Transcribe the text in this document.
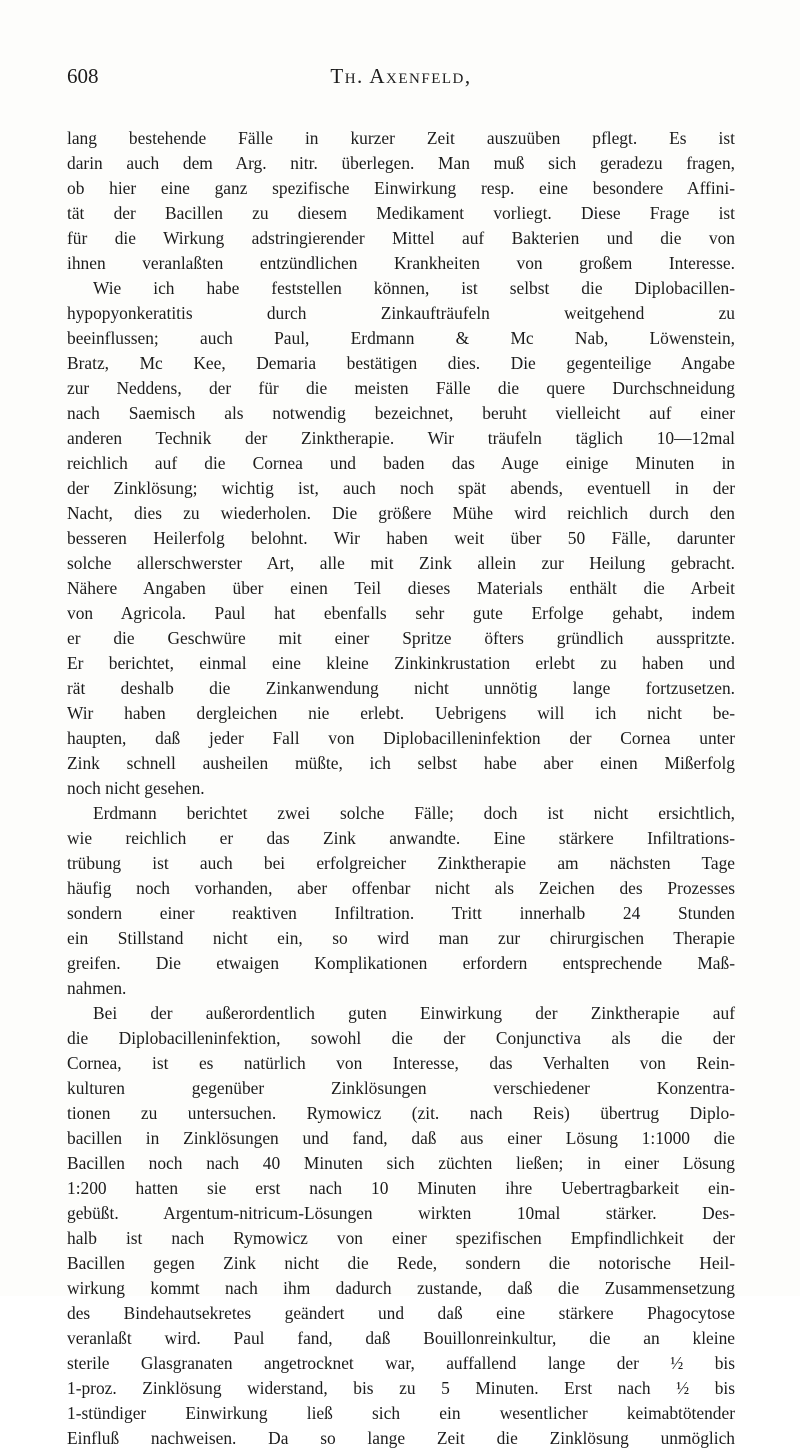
608	Th. Axenfeld,
lang bestehende Fälle in kurzer Zeit auszuüben pflegt. Es ist
darin auch dem Arg. nitr. überlegen. Man muß sich geradezu fragen,
ob hier eine ganz spezifische Einwirkung resp. eine besondere Affini-
tät der Bacillen zu diesem Medikament vorliegt. Diese Frage ist
für die Wirkung adstringierender Mittel auf Bakterien und die von
ihnen veranlaßten entzündlichen Krankheiten von großem Interesse.
Wie ich habe feststellen können, ist selbst die Diplobacillen-
hypopyonkeratitis durch Zinkaufträufeln weitgehend zu
beeinflussen; auch Paul, Erdmann & Mc Nab, Löwenstein,
Bratz, Mc Kee, Demaria bestätigen dies. Die gegenteilige Angabe
zur Neddens, der für die meisten Fälle die quere Durchschneidung
nach Saemisch als notwendig bezeichnet, beruht vielleicht auf einer
anderen Technik der Zinktherapie. Wir träufeln täglich 10—12mal
reichlich auf die Cornea und baden das Auge einige Minuten in
der Zinklösung; wichtig ist, auch noch spät abends, eventuell in der
Nacht, dies zu wiederholen. Die größere Mühe wird reichlich durch den
besseren Heilerfolg belohnt. Wir haben weit über 50 Fälle, darunter
solche allerschwerster Art, alle mit Zink allein zur Heilung gebracht.
Nähere Angaben über einen Teil dieses Materials enthält die Arbeit
von Agricola. Paul hat ebenfalls sehr gute Erfolge gehabt, indem
er die Geschwüre mit einer Spritze öfters gründlich ausspritzte.
Er berichtet, einmal eine kleine Zinkinkrustation erlebt zu haben und
rät deshalb die Zinkanwendung nicht unnötig lange fortzusetzen.
Wir haben dergleichen nie erlebt. Uebrigens will ich nicht be-
haupten, daß jeder Fall von Diplobacilleninfektion der Cornea unter
Zink schnell ausheilen müßte, ich selbst habe aber einen Mißerfolg
noch nicht gesehen.
Erdmann berichtet zwei solche Fälle; doch ist nicht ersichtlich,
wie reichlich er das Zink anwandte. Eine stärkere Infiltrations-
trübung ist auch bei erfolgreicher Zinktherapie am nächsten Tage
häufig noch vorhanden, aber offenbar nicht als Zeichen des Prozesses
sondern einer reaktiven Infiltration. Tritt innerhalb 24 Stunden
ein Stillstand nicht ein, so wird man zur chirurgischen Therapie
greifen. Die etwaigen Komplikationen erfordern entsprechende Maß-
nahmen.
Bei der außerordentlich guten Einwirkung der Zinktherapie auf
die Diplobacilleninfektion, sowohl die der Conjunctiva als die der
Cornea, ist es natürlich von Interesse, das Verhalten von Rein-
kulturen gegenüber Zinklösungen verschiedener Konzentra-
tionen zu untersuchen. Rymowicz (zit. nach Reis) übertrug Diplo-
bacillen in Zinklösungen und fand, daß aus einer Lösung 1:1000 die
Bacillen noch nach 40 Minuten sich züchten ließen; in einer Lösung
1:200 hatten sie erst nach 10 Minuten ihre Uebertragbarkeit ein-
gebüßt. Argentum-nitricum-Lösungen wirkten 10mal stärker. Des-
halb ist nach Rymowicz von einer spezifischen Empfindlichkeit der
Bacillen gegen Zink nicht die Rede, sondern die notorische Heil-
wirkung kommt nach ihm dadurch zustande, daß die Zusammensetzung
des Bindehautsekretes geändert und daß eine stärkere Phagocytose
veranlaßt wird. Paul fand, daß Bouillonreinkultur, die an kleine
sterile Glasgranaten angetrocknet war, auffallend lange der ½ bis
1-proz. Zinklösung widerstand, bis zu 5 Minuten. Erst nach ½ bis
1-stündiger Einwirkung ließ sich ein wesentlicher keimabtötender
Einfluß nachweisen. Da so lange Zeit die Zinklösung unmöglich
